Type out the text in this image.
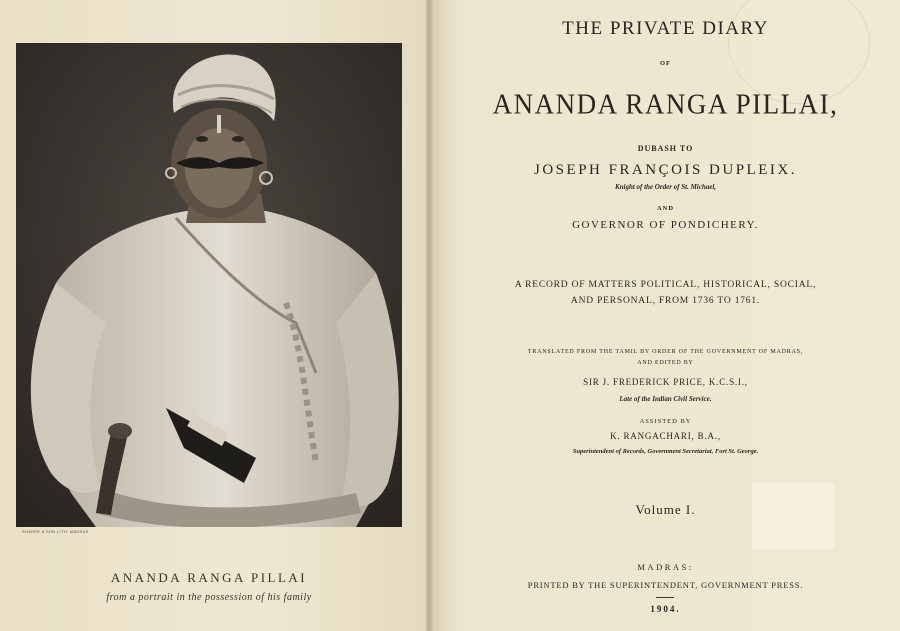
SHARPE & SON LITH. MADRAS
ANANDA RANGA PILLAI
from a portrait in the possession of his family
THE PRIVATE DIARY
OF
ANANDA RANGA PILLAI,
DUBASH TO
JOSEPH FRANÇOIS DUPLEIX.
Knight of the Order of St. Michael,
AND
GOVERNOR OF PONDICHERY.
A RECORD OF MATTERS POLITICAL, HISTORICAL, SOCIAL,
AND PERSONAL, FROM 1736 TO 1761.
TRANSLATED FROM THE TAMIL BY ORDER OF THE GOVERNMENT OF MADRAS,
AND EDITED BY
SIR J. FREDERICK PRICE, K.C.S.I.,
Late of the Indian Civil Service.
ASSISTED BY
K. RANGACHARI, B.A.,
Superintendent of Records, Government Secretariat, Fort St. George.
Volume I.
MADRAS:
PRINTED BY THE SUPERINTENDENT, GOVERNMENT PRESS.
1904.
